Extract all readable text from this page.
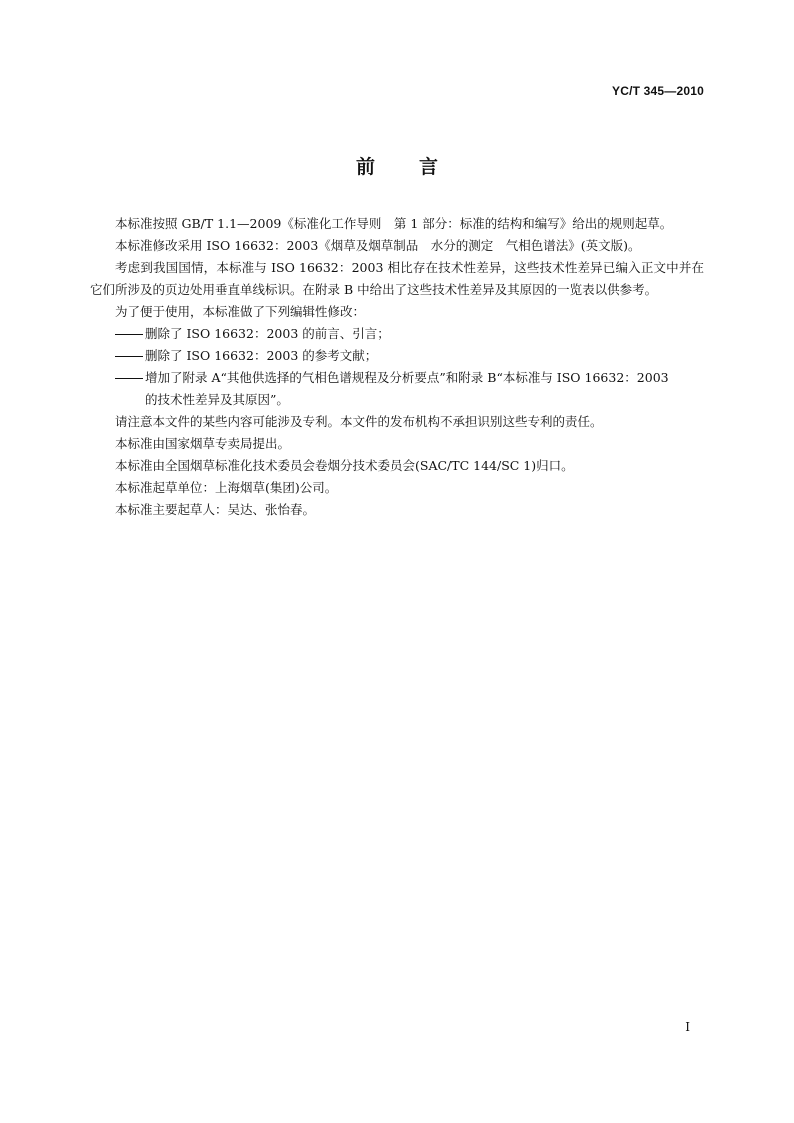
YC/T 345—2010
前 言

本标准按照 GB/T 1.1—2009《标准化工作导则　第 1 部分：标准的结构和编写》给出的规则起草。

本标准修改采用 ISO 16632：2003《烟草及烟草制品　水分的测定　气相色谱法》(英文版)。

考虑到我国国情，本标准与 ISO 16632：2003 相比存在技术性差异，这些技术性差异已编入正文中并在它们所涉及的页边处用垂直单线标识。在附录 B 中给出了这些技术性差异及其原因的一览表以供参考。

为了便于使用，本标准做了下列编辑性修改：

删除了 ISO 16632：2003 的前言、引言；

删除了 ISO 16632：2003 的参考文献；

增加了附录 A“其他供选择的气相色谱规程及分析要点”和附录 B“本标准与 ISO 16632：2003

的技术性差异及其原因”。

请注意本文件的某些内容可能涉及专利。本文件的发布机构不承担识别这些专利的责任。

本标准由国家烟草专卖局提出。

本标准由全国烟草标准化技术委员会卷烟分技术委员会(SAC/TC 144/SC 1)归口。

本标准起草单位：上海烟草(集团)公司。

本标准主要起草人：吴达、张怡春。

I
